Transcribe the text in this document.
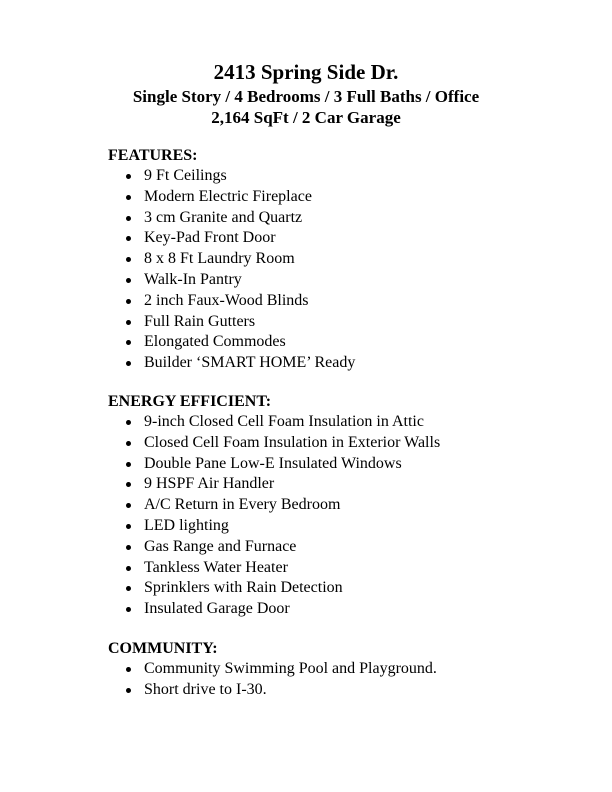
2413 Spring Side Dr.
Single Story / 4 Bedrooms / 3 Full Baths / Office
2,164 SqFt / 2 Car Garage

FEATURES:

9 Ft Ceilings
Modern Electric Fireplace
3 cm Granite and Quartz
Key-Pad Front Door
8 x 8 Ft Laundry Room
Walk-In Pantry
2 inch Faux-Wood Blinds
Full Rain Gutters
Elongated Commodes
Builder ‘SMART HOME’ Ready

ENERGY EFFICIENT:

9-inch Closed Cell Foam Insulation in Attic
Closed Cell Foam Insulation in Exterior Walls
Double Pane Low-E Insulated Windows
9 HSPF Air Handler
A/C Return in Every Bedroom
LED lighting
Gas Range and Furnace
Tankless Water Heater
Sprinklers with Rain Detection
Insulated Garage Door

COMMUNITY:

Community Swimming Pool and Playground.
Short drive to I-30.
